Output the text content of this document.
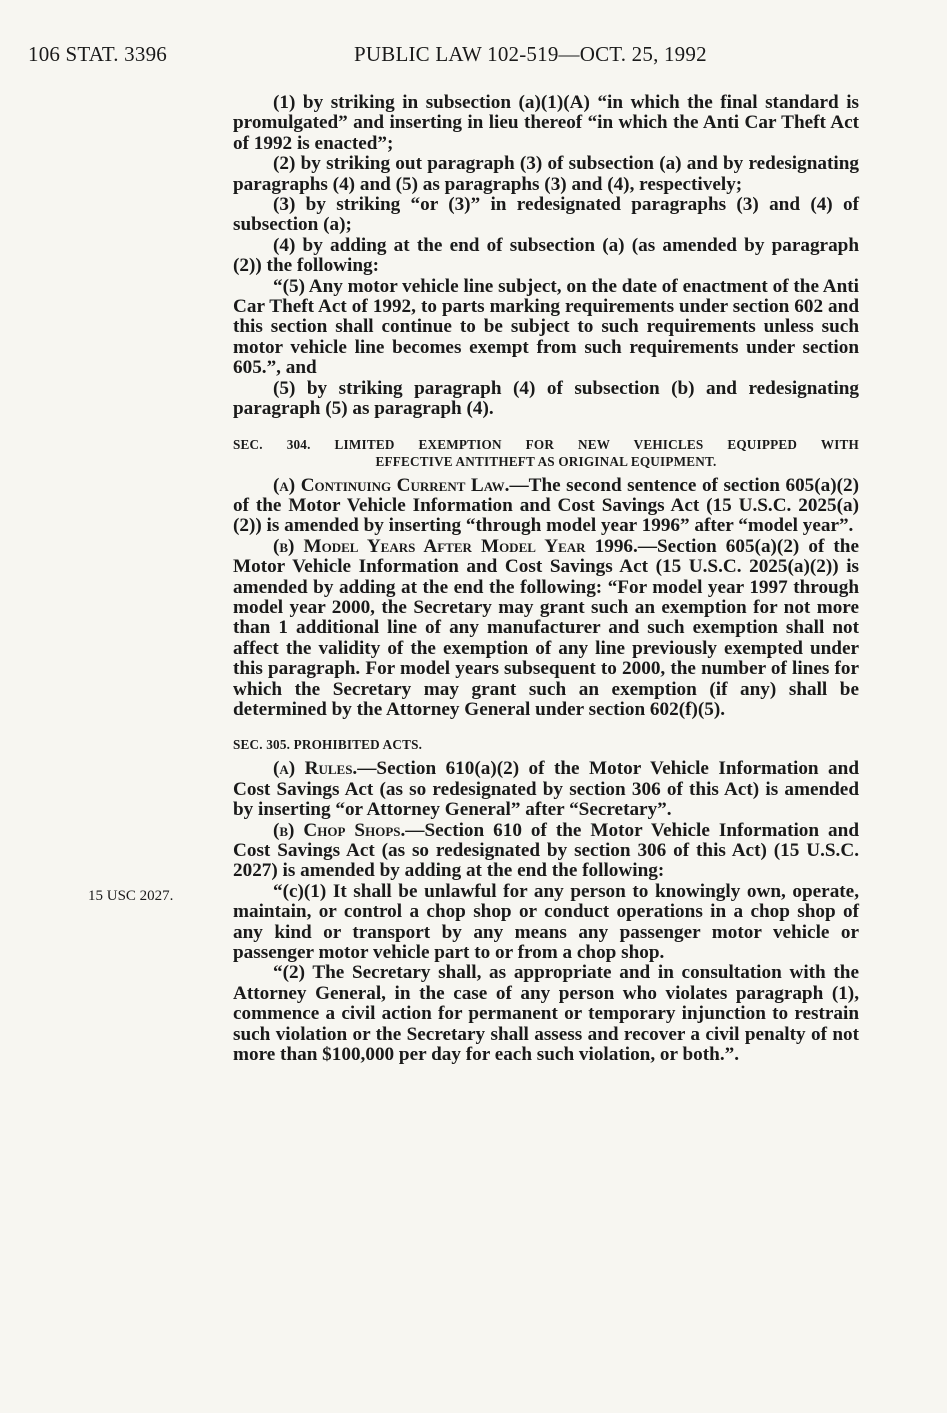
106 STAT. 3396	PUBLIC LAW 102-519—OCT. 25, 1992
15 USC 2027.

(1) by striking in subsection (a)(1)(A) “in which the final standard is promulgated” and inserting in lieu thereof “in which the Anti Car Theft Act of 1992 is enacted”;

(2) by striking out paragraph (3) of subsection (a) and by redesignating paragraphs (4) and (5) as paragraphs (3) and (4), respectively;

(3) by striking “or (3)” in redesignated paragraphs (3) and (4) of subsection (a);

(4) by adding at the end of subsection (a) (as amended by paragraph (2)) the following:

“(5) Any motor vehicle line subject, on the date of enactment of the Anti Car Theft Act of 1992, to parts marking requirements under section 602 and this section shall continue to be subject to such requirements unless such motor vehicle line becomes exempt from such requirements under section 605.”, and

(5) by striking paragraph (4) of subsection (b) and redesignating paragraph (5) as paragraph (4).

SEC. 304. LIMITED EXEMPTION FOR NEW VEHICLES EQUIPPED WITH
EFFECTIVE ANTITHEFT AS ORIGINAL EQUIPMENT.

(a) Continuing Current Law.—The second sentence of section 605(a)(2) of the Motor Vehicle Information and Cost Savings Act (15 U.S.C. 2025(a)(2)) is amended by inserting “through model year 1996” after “model year”.

(b) Model Years After Model Year 1996.—Section 605(a)(2) of the Motor Vehicle Information and Cost Savings Act (15 U.S.C. 2025(a)(2)) is amended by adding at the end the following: “For model year 1997 through model year 2000, the Secretary may grant such an exemption for not more than 1 additional line of any manufacturer and such exemption shall not affect the validity of the exemption of any line previously exempted under this paragraph. For model years subsequent to 2000, the number of lines for which the Secretary may grant such an exemption (if any) shall be determined by the Attorney General under section 602(f)(5).

SEC. 305. PROHIBITED ACTS.

(a) Rules.—Section 610(a)(2) of the Motor Vehicle Information and Cost Savings Act (as so redesignated by section 306 of this Act) is amended by inserting “or Attorney General” after “Secretary”.

(b) Chop Shops.—Section 610 of the Motor Vehicle Information and Cost Savings Act (as so redesignated by section 306 of this Act) (15 U.S.C. 2027) is amended by adding at the end the following:

“(c)(1) It shall be unlawful for any person to knowingly own, operate, maintain, or control a chop shop or conduct operations in a chop shop of any kind or transport by any means any passenger motor vehicle or passenger motor vehicle part to or from a chop shop.

“(2) The Secretary shall, as appropriate and in consultation with the Attorney General, in the case of any person who violates paragraph (1), commence a civil action for permanent or temporary injunction to restrain such violation or the Secretary shall assess and recover a civil penalty of not more than $100,000 per day for each such violation, or both.”.
